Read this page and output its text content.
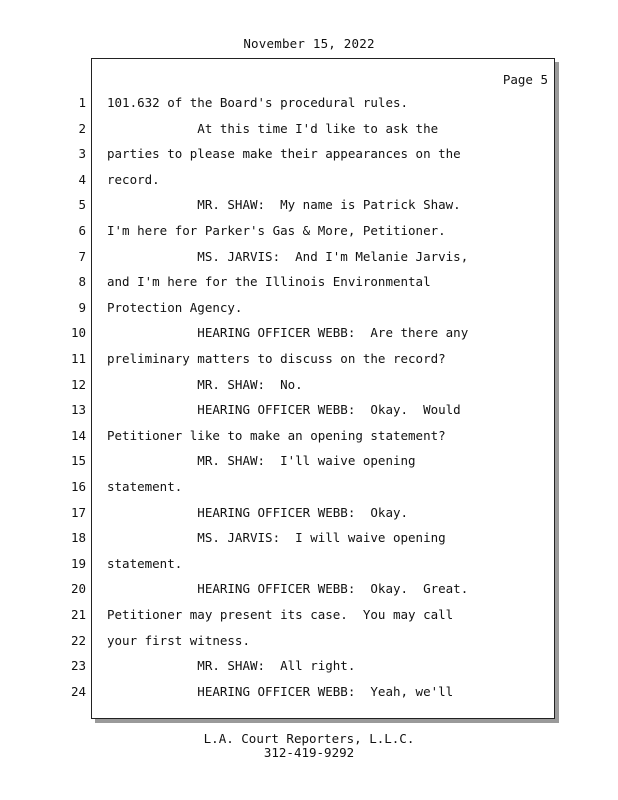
November 15, 2022
Page 5
1
2
3
4
5
6
7
8
9
10
11
12
13
14
15
16
17
18
19
20
21
22
23
24
101.632 of the Board's procedural rules.
At this time I'd like to ask the
parties to please make their appearances on the
record.
MR. SHAW:  My name is Patrick Shaw.
I'm here for Parker's Gas & More, Petitioner.
MS. JARVIS:  And I'm Melanie Jarvis,
and I'm here for the Illinois Environmental
Protection Agency.
HEARING OFFICER WEBB:  Are there any
preliminary matters to discuss on the record?
MR. SHAW:  No.
HEARING OFFICER WEBB:  Okay.  Would
Petitioner like to make an opening statement?
MR. SHAW:  I'll waive opening
statement.
HEARING OFFICER WEBB:  Okay.
MS. JARVIS:  I will waive opening
statement.
HEARING OFFICER WEBB:  Okay.  Great.
Petitioner may present its case.  You may call
your first witness.
MR. SHAW:  All right.
HEARING OFFICER WEBB:  Yeah, we'll
L.A. Court Reporters, L.L.C.
312-419-9292
